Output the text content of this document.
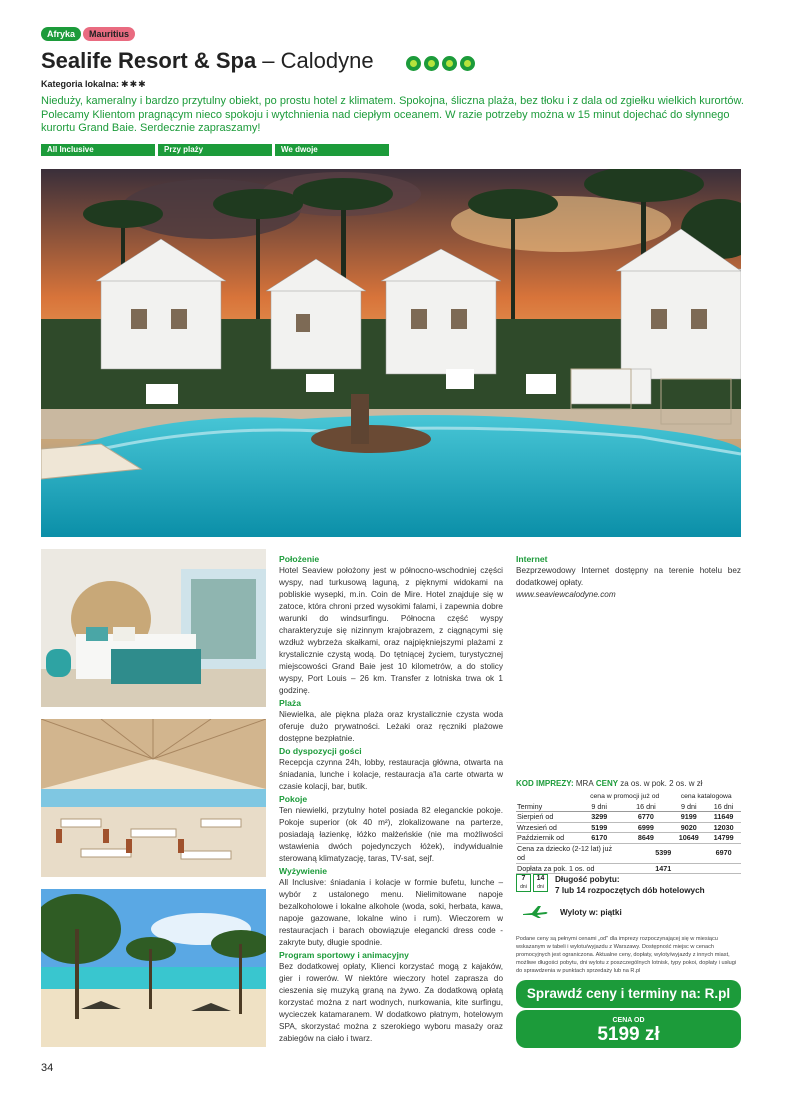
Afryka	Mauritius
Sealife Resort & Spa – Calodyne
Kategoria lokalna: ✱✱✱

Nieduży, kameralny i bardzo przytulny obiekt, po prostu hotel z klimatem. Spokojna, śliczna plaża, bez tłoku i z dala od zgiełku wielkich kurortów. Polecamy Klientom pragnącym nieco spokoju i wytchnienia nad ciepłym oceanem. W razie potrzeby można w 15 minut dojechać do słynnego kurortu Grand Baie. Serdecznie zapraszamy!

All Inclusive	Przy plaży	We dwoje
Położenie

Hotel Seaview położony jest w północno-wschodniej części wyspy, nad turkusową laguną, z pięknymi widokami na pobliskie wysepki, m.in. Coin de Mire. Hotel znajduje się w zatoce, która chroni przed wysokimi falami, i zapewnia dobre warunki do windsurfingu. Północna część wyspy charakteryzuje się nizinnym krajobrazem, z ciągnącymi się wzdłuż wybrzeża skałkami, oraz najpiękniejszymi plażami z krystalicznie czystą wodą. Do tętniącej życiem, turystycznej miejscowości Grand Baie jest 10 kilometrów, a do stolicy wyspy, Port Louis – 26 km. Transfer z lotniska trwa ok 1 godzinę.

Plaża

Niewielka, ale piękna plaża oraz krystalicznie czysta woda oferuje dużo prywatności. Leżaki oraz ręczniki plażowe dostępne bezpłatnie.

Do dyspozycji gości

Recepcja czynna 24h, lobby, restauracja główna, otwarta na śniadania, lunche i kolacje, restauracja a'la carte otwarta w czasie kolacji, bar, butik.

Pokoje

Ten niewielki, przytulny hotel posiada 82 eleganckie pokoje. Pokoje superior (ok 40 m²), zlokalizowane na parterze, posiadają łazienkę, łóżko małżeńskie (nie ma możliwości wstawienia dwóch pojedynczych łóżek), indywidualnie sterowaną klimatyzację, taras, TV-sat, sejf.

Wyżywienie

All Inclusive: śniadania i kolacje w formie bufetu, lunche – wybór z ustalonego menu. Nielimitowane napoje bezalkoholowe i lokalne alkohole (woda, soki, herbata, kawa, napoje gazowane, lokalne wino i rum). Wieczorem w restauracjach i barach obowiązuje elegancki dress code - zakryte buty, długie spodnie.

Program sportowy i animacyjny

Bez dodatkowej opłaty, Klienci korzystać mogą z kajaków, gier i rowerów. W niektóre wieczory hotel zaprasza do cieszenia się muzyką graną na żywo. Za dodatkową opłatą korzystać można z nart wodnych, nurkowania, kite surfingu, wycieczek katamaranem. W dodatkowo płatnym, hotelowym SPA, skorzystać można z szerokiego wyboru masaży oraz zabiegów na ciało i twarz.

Internet

Bezprzewodowy Internet dostępny na terenie hotelu bez dodatkowej opłaty.

www.seaviewcalodyne.com

KOD IMPREZY: MRA CENY za os. w pok. 2 os. w zł
	cena w promocji już od		cena katalogowa	
Terminy	9 dni	16 dni	9 dni	16 dni
Sierpień od	3299	6770	9199	11649
Wrzesień od	5199	6999	9020	12030
Październik od	6170	8649	10649	14799
Cena za dziecko (2-12 lat) już od		5399		6970
Dopłata za pok. 1 os. od		1471		
7
dni
14
dni
Długość pobytu:
7 lub 14 rozpoczętych dób hotelowych
Wyloty w: piątki

Podane ceny są pełnymi cenami „od" dla imprezy rozpoczynającej się w miesiącu wskazanym w tabeli i wylotu/wyjazdu z Warszawy. Dostępność miejsc w cenach promocyjnych jest ograniczona. Aktualne ceny, dopłaty, wyloty/wyjazdy z innych miast, możliwe długości pobytu, dni wylotu z poszczególnych lotnisk, typy pokoi, dopłaty i usługi do sprawdzenia w punktach sprzedaży lub na R.pl

Sprawdź ceny i terminy na: R.pl
CENA OD
5199 zł
34
